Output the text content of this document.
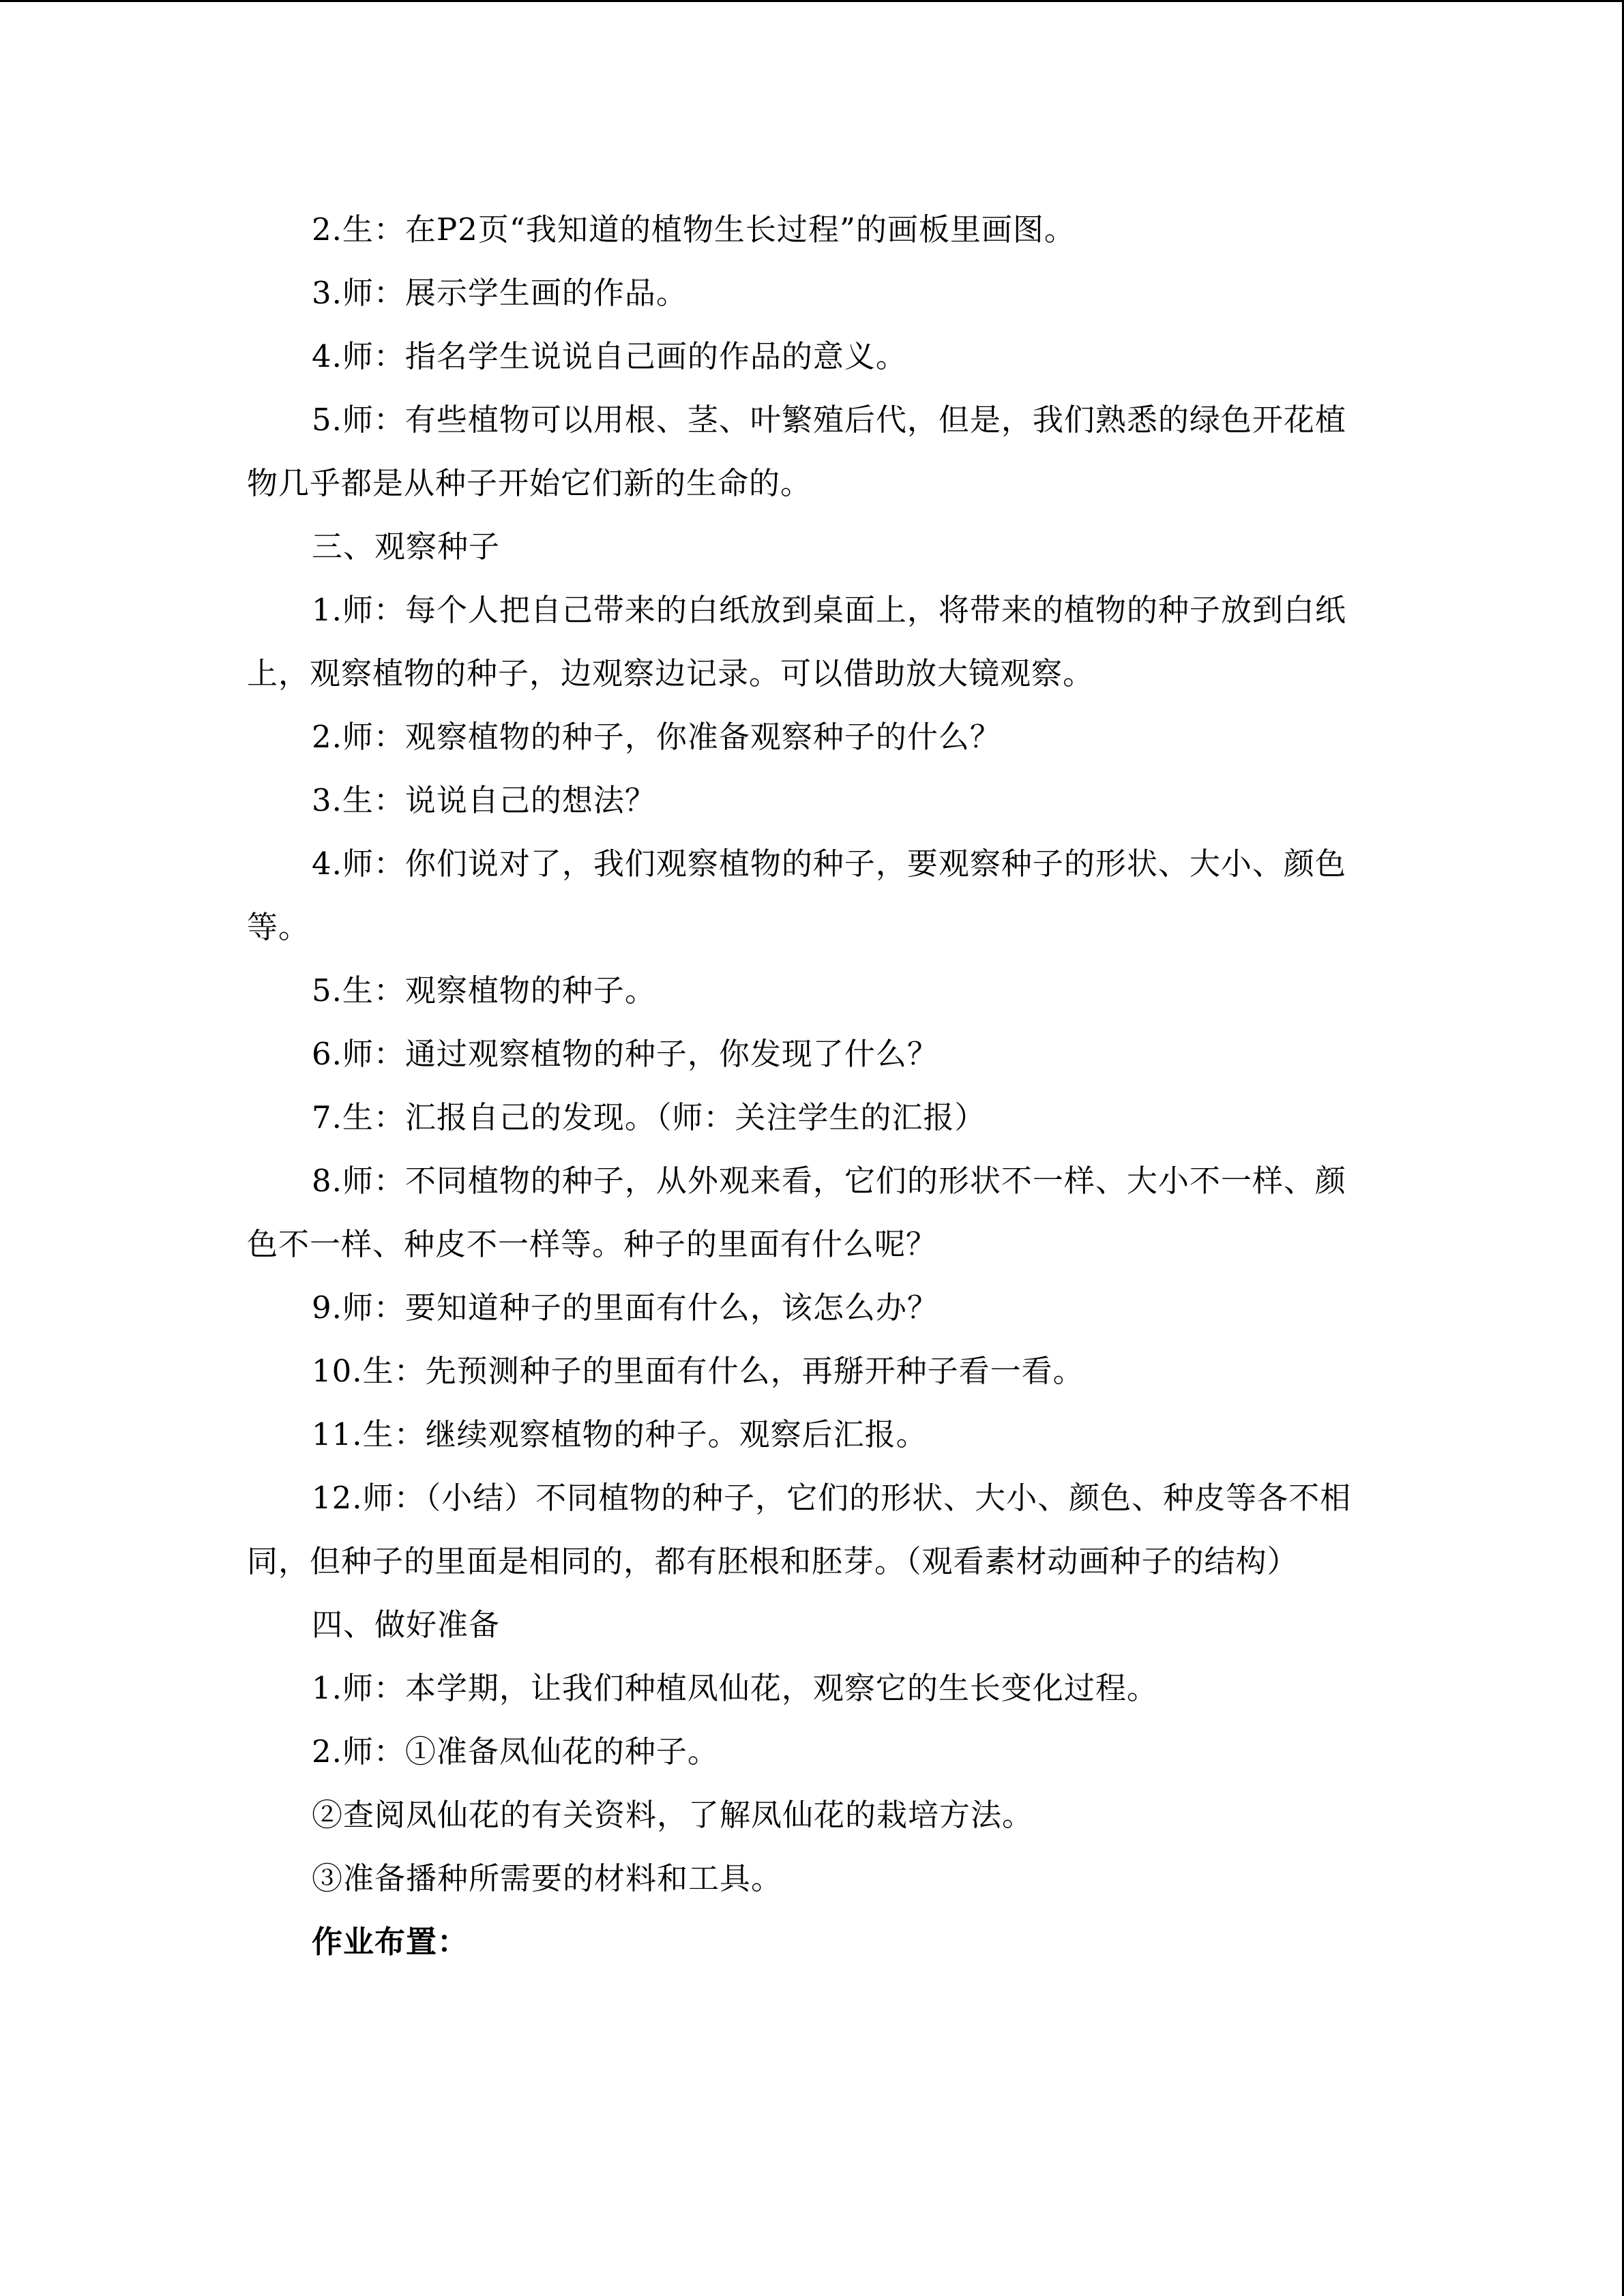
2.生：在P2页“我知道的植物生长过程”的画板里画图。

3.师：展示学生画的作品。

4.师：指名学生说说自己画的作品的意义。

5.师：有些植物可以用根、茎、叶繁殖后代，但是，我们熟悉的绿色开花植物几乎都是从种子开始它们新的生命的。

三、观察种子

1.师：每个人把自己带来的白纸放到桌面上，将带来的植物的种子放到白纸上，观察植物的种子，边观察边记录。可以借助放大镜观察。

2.师：观察植物的种子，你准备观察种子的什么？

3.生：说说自己的想法？

4.师：你们说对了，我们观察植物的种子，要观察种子的形状、大小、颜色等。

5.生：观察植物的种子。

6.师：通过观察植物的种子，你发现了什么？

7.生：汇报自己的发现。（师：关注学生的汇报）

8.师：不同植物的种子，从外观来看，它们的形状不一样、大小不一样、颜色不一样、种皮不一样等。种子的里面有什么呢？

9.师：要知道种子的里面有什么，该怎么办？

10.生：先预测种子的里面有什么，再掰开种子看一看。

11.生：继续观察植物的种子。观察后汇报。

12.师：（小结）不同植物的种子，它们的形状、大小、颜色、种皮等各不相同，但种子的里面是相同的，都有胚根和胚芽。（观看素材动画种子的结构）

四、做好准备

1.师：本学期，让我们种植凤仙花，观察它的生长变化过程。

2.师：①准备凤仙花的种子。

②查阅凤仙花的有关资料，了解凤仙花的栽培方法。

③准备播种所需要的材料和工具。

作业布置：
